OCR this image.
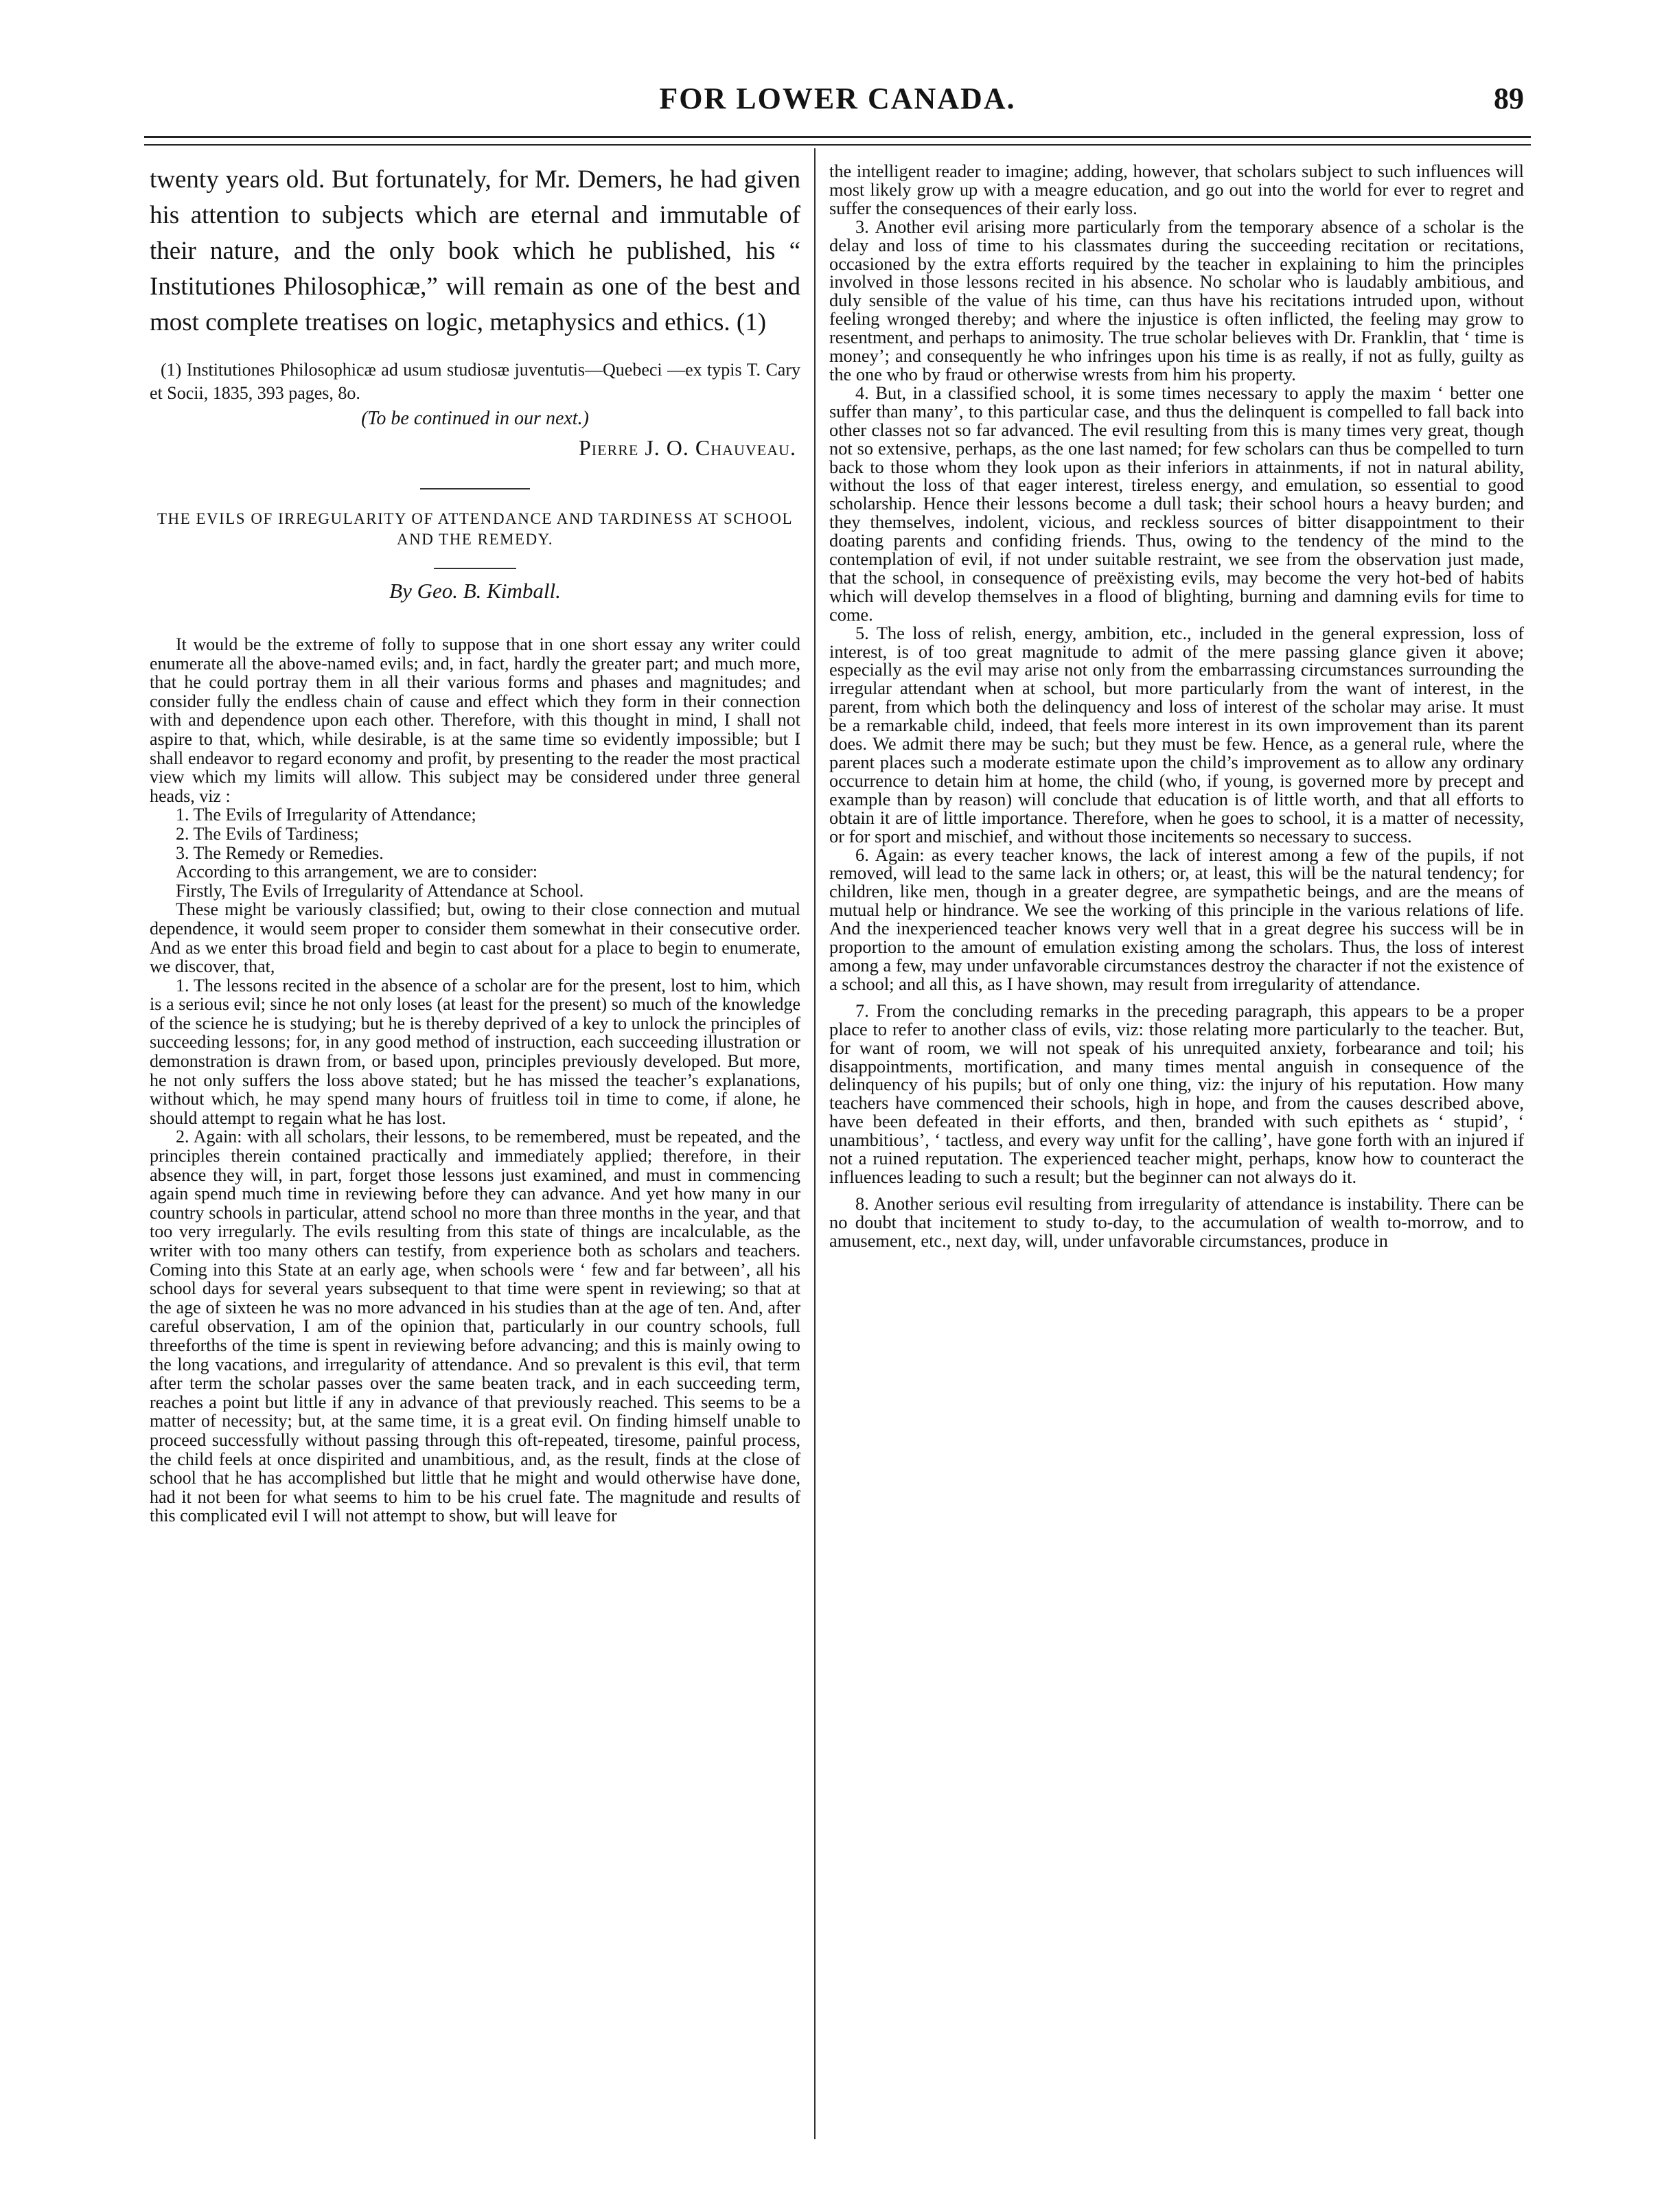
FOR LOWER CANADA.	89

twenty years old. But fortunately, for Mr. Demers, he had given his attention to subjects which are eternal and immutable of their nature, and the only book which he published, his “ Institutiones Philosophicæ,” will remain as one of the best and most complete treatises on logic, metaphysics and ethics. (1)

(1) Institutiones Philosophicæ ad usum studiosæ juventutis—Quebeci —ex typis T. Cary et Socii, 1835, 393 pages, 8o.

(To be continued in our next.)

Pierre J. O. Chauveau.

THE EVILS OF IRREGULARITY OF ATTENDANCE AND TARDINESS AT SCHOOL AND THE REMEDY.

By Geo. B. Kimball.

It would be the extreme of folly to suppose that in one short essay any writer could enumerate all the above-named evils; and, in fact, hardly the greater part; and much more, that he could portray them in all their various forms and phases and magnitudes; and consider fully the endless chain of cause and effect which they form in their connection with and dependence upon each other. Therefore, with this thought in mind, I shall not aspire to that, which, while desirable, is at the same time so evidently impossible; but I shall endeavor to regard economy and profit, by presenting to the reader the most practical view which my limits will allow. This subject may be considered under three general heads, viz :

1. The Evils of Irregularity of Attendance;

2. The Evils of Tardiness;

3. The Remedy or Remedies.

According to this arrangement, we are to consider:

Firstly, The Evils of Irregularity of Attendance at School.

These might be variously classified; but, owing to their close connection and mutual dependence, it would seem proper to consider them somewhat in their consecutive order. And as we enter this broad field and begin to cast about for a place to begin to enumerate, we discover, that,

1. The lessons recited in the absence of a scholar are for the present, lost to him, which is a serious evil; since he not only loses (at least for the present) so much of the knowledge of the science he is studying; but he is thereby deprived of a key to unlock the principles of succeeding lessons; for, in any good method of instruction, each succeeding illustration or demonstration is drawn from, or based upon, principles previously developed. But more, he not only suffers the loss above stated; but he has missed the teacher’s explanations, without which, he may spend many hours of fruitless toil in time to come, if alone, he should attempt to regain what he has lost.

2. Again: with all scholars, their lessons, to be remembered, must be repeated, and the principles therein contained practically and immediately applied; therefore, in their absence they will, in part, forget those lessons just examined, and must in commencing again spend much time in reviewing before they can advance. And yet how many in our country schools in particular, attend school no more than three months in the year, and that too very irregularly. The evils resulting from this state of things are incalculable, as the writer with too many others can testify, from experience both as scholars and teachers. Coming into this State at an early age, when schools were ‘ few and far between’, all his school days for several years subsequent to that time were spent in reviewing; so that at the age of sixteen he was no more advanced in his studies than at the age of ten. And, after careful observation, I am of the opinion that, particularly in our country schools, full threeforths of the time is spent in reviewing before advancing; and this is mainly owing to the long vacations, and irregularity of attendance. And so prevalent is this evil, that term after term the scholar passes over the same beaten track, and in each succeeding term, reaches a point but little if any in advance of that previously reached. This seems to be a matter of necessity; but, at the same time, it is a great evil. On finding himself unable to proceed successfully without passing through this oft-repeated, tiresome, painful process, the child feels at once dispirited and unambitious, and, as the result, finds at the close of school that he has accomplished but little that he might and would otherwise have done, had it not been for what seems to him to be his cruel fate. The magnitude and results of this complicated evil I will not attempt to show, but will leave for

the intelligent reader to imagine; adding, however, that scholars subject to such influences will most likely grow up with a meagre education, and go out into the world for ever to regret and suffer the consequences of their early loss.

3. Another evil arising more particularly from the temporary absence of a scholar is the delay and loss of time to his classmates during the succeeding recitation or recitations, occasioned by the extra efforts required by the teacher in explaining to him the principles involved in those lessons recited in his absence. No scholar who is laudably ambitious, and duly sensible of the value of his time, can thus have his recitations intruded upon, without feeling wronged thereby; and where the injustice is often inflicted, the feeling may grow to resentment, and perhaps to animosity. The true scholar believes with Dr. Franklin, that ‘ time is money’; and consequently he who infringes upon his time is as really, if not as fully, guilty as the one who by fraud or otherwise wrests from him his property.

4. But, in a classified school, it is some times necessary to apply the maxim ‘ better one suffer than many’, to this particular case, and thus the delinquent is compelled to fall back into other classes not so far advanced. The evil resulting from this is many times very great, though not so extensive, perhaps, as the one last named; for few scholars can thus be compelled to turn back to those whom they look upon as their inferiors in attainments, if not in natural ability, without the loss of that eager interest, tireless energy, and emulation, so essential to good scholarship. Hence their lessons become a dull task; their school hours a heavy burden; and they themselves, indolent, vicious, and reckless sources of bitter disappointment to their doating parents and confiding friends. Thus, owing to the tendency of the mind to the contemplation of evil, if not under suitable restraint, we see from the observation just made, that the school, in consequence of preëxisting evils, may become the very hot-bed of habits which will develop themselves in a flood of blighting, burning and damning evils for time to come.

5. The loss of relish, energy, ambition, etc., included in the general expression, loss of interest, is of too great magnitude to admit of the mere passing glance given it above; especially as the evil may arise not only from the embarrassing circumstances surrounding the irregular attendant when at school, but more particularly from the want of interest, in the parent, from which both the delinquency and loss of interest of the scholar may arise. It must be a remarkable child, indeed, that feels more interest in its own improvement than its parent does. We admit there may be such; but they must be few. Hence, as a general rule, where the parent places such a moderate estimate upon the child’s improvement as to allow any ordinary occurrence to detain him at home, the child (who, if young, is governed more by precept and example than by reason) will conclude that education is of little worth, and that all efforts to obtain it are of little importance. Therefore, when he goes to school, it is a matter of necessity, or for sport and mischief, and without those incitements so necessary to success.

6. Again: as every teacher knows, the lack of interest among a few of the pupils, if not removed, will lead to the same lack in others; or, at least, this will be the natural tendency; for children, like men, though in a greater degree, are sympathetic beings, and are the means of mutual help or hindrance. We see the working of this principle in the various relations of life. And the inexperienced teacher knows very well that in a great degree his success will be in proportion to the amount of emulation existing among the scholars. Thus, the loss of interest among a few, may under unfavorable circumstances destroy the character if not the existence of a school; and all this, as I have shown, may result from irregularity of attendance.

7. From the concluding remarks in the preceding paragraph, this appears to be a proper place to refer to another class of evils, viz: those relating more particularly to the teacher. But, for want of room, we will not speak of his unrequited anxiety, forbearance and toil; his disappointments, mortification, and many times mental anguish in consequence of the delinquency of his pupils; but of only one thing, viz: the injury of his reputation. How many teachers have commenced their schools, high in hope, and from the causes described above, have been defeated in their efforts, and then, branded with such epithets as ‘ stupid’, ‘ unambitious’, ‘ tactless, and every way unfit for the calling’, have gone forth with an injured if not a ruined reputation. The experienced teacher might, perhaps, know how to counteract the influences leading to such a result; but the beginner can not always do it.

8. Another serious evil resulting from irregularity of attendance is instability. There can be no doubt that incitement to study to-day, to the accumulation of wealth to-morrow, and to amusement, etc., next day, will, under unfavorable circumstances, produce in
